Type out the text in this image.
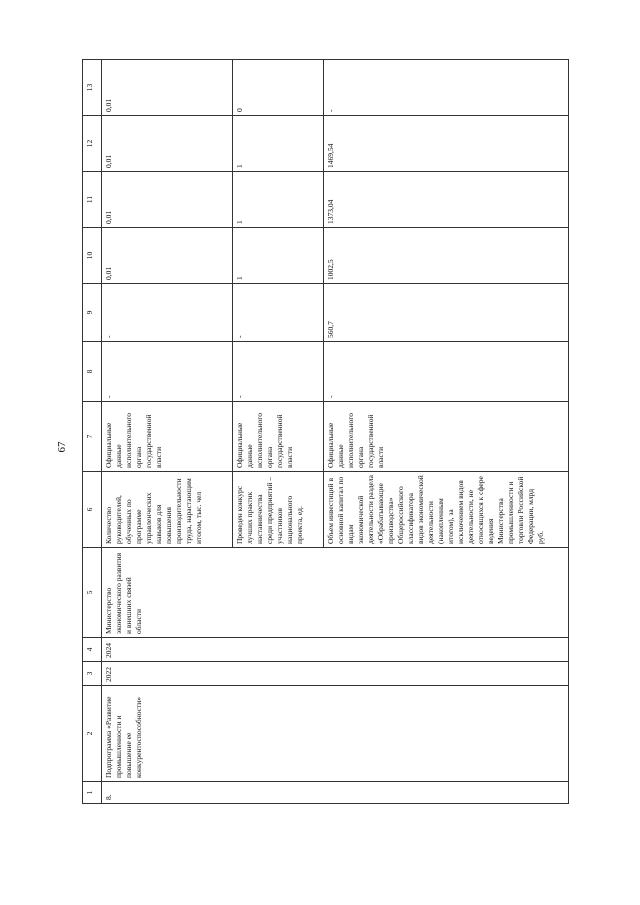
67
1	2	3	4	5	6	7	8	9	10	11	12	13
8.	Подпрограмма «Развитие промышленности и повышение ее конкурентоспособности»	2022	2024	Министерство экономического развития и внешних связей области	Количество руководителей, обученных по программе управленческих навыков для повышения производительности труда, нарастающим итогом, тыс. чел	Официальные данные исполнительного органа государственной власти	-	-	0,01	0,01	0,01	0,01
					Проведен конкурс лучших практик наставничества среди предприятий – участников национального проекта, ед.	Официальные данные исполнительного органа государственной власти	-	-	1	1	1	0
					Объем инвестиций в основной капитал по видам экономической деятельности раздела «Обрабатывающие производства» Общероссийского классификатора видов экономической деятельности (накопленным итогом), за исключением видов деятельности, не относящихся к сфере ведения Министерства промышленности и торговли Российской Федерации, млрд руб.	Официальные данные исполнительного органа государственной власти	-	560,7	1002,5	1373,04	1469,54	-
